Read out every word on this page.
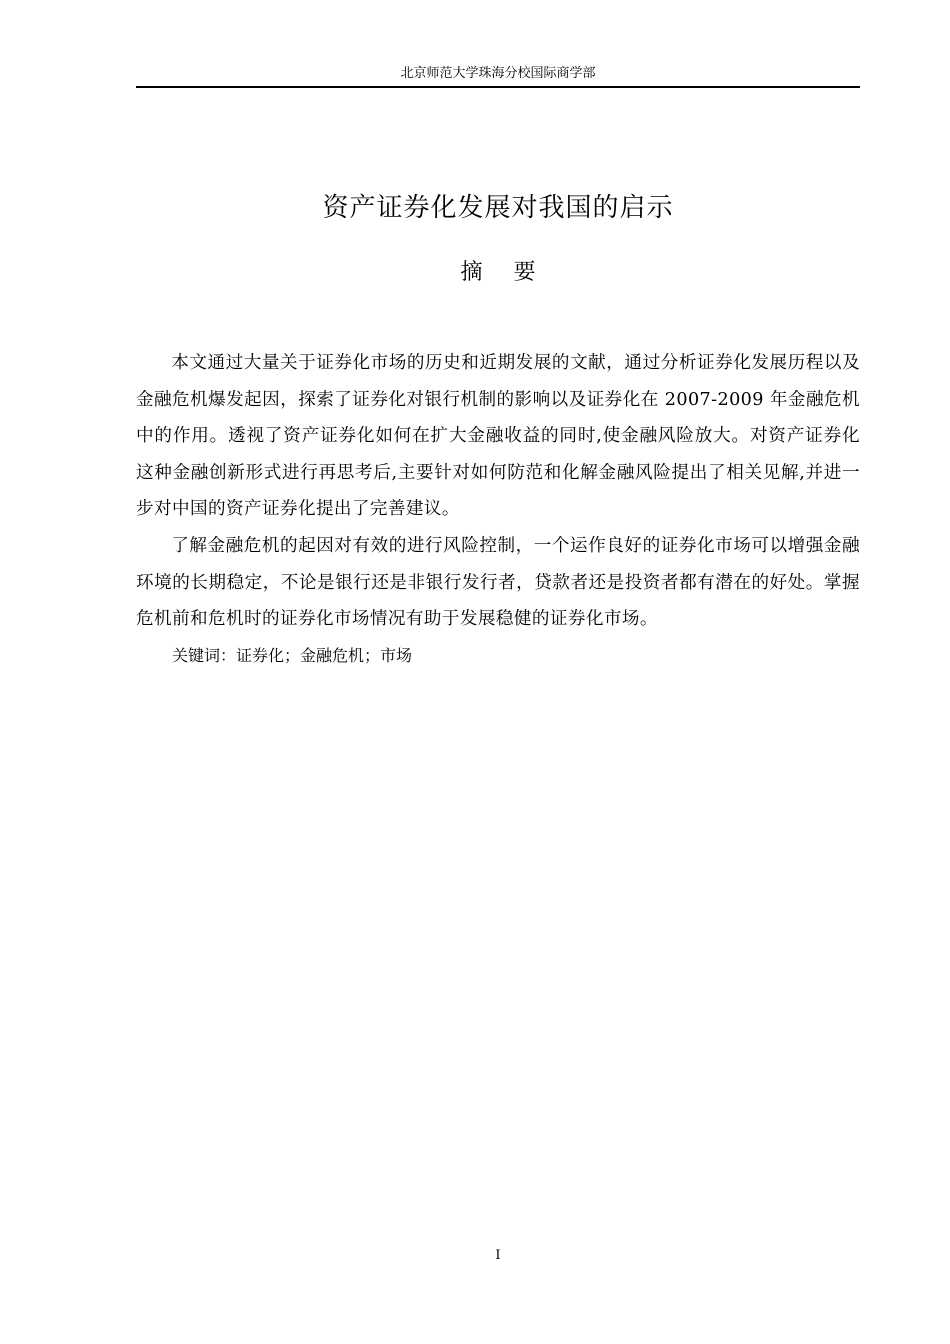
北京师范大学珠海分校国际商学部
资产证券化发展对我国的启示
摘 要

本文通过大量关于证券化市场的历史和近期发展的文献，通过分析证券化发展历程以及金融危机爆发起因，探索了证券化对银行机制的影响以及证券化在 2007-2009 年金融危机中的作用。透视了资产证券化如何在扩大金融收益的同时,使金融风险放大。对资产证券化这种金融创新形式进行再思考后,主要针对如何防范和化解金融风险提出了相关见解,并进一步对中国的资产证券化提出了完善建议。

了解金融危机的起因对有效的进行风险控制，一个运作良好的证券化市场可以增强金融环境的长期稳定，不论是银行还是非银行发行者，贷款者还是投资者都有潜在的好处。掌握危机前和危机时的证券化市场情况有助于发展稳健的证券化市场。

关键词：证券化；金融危机；市场

I
